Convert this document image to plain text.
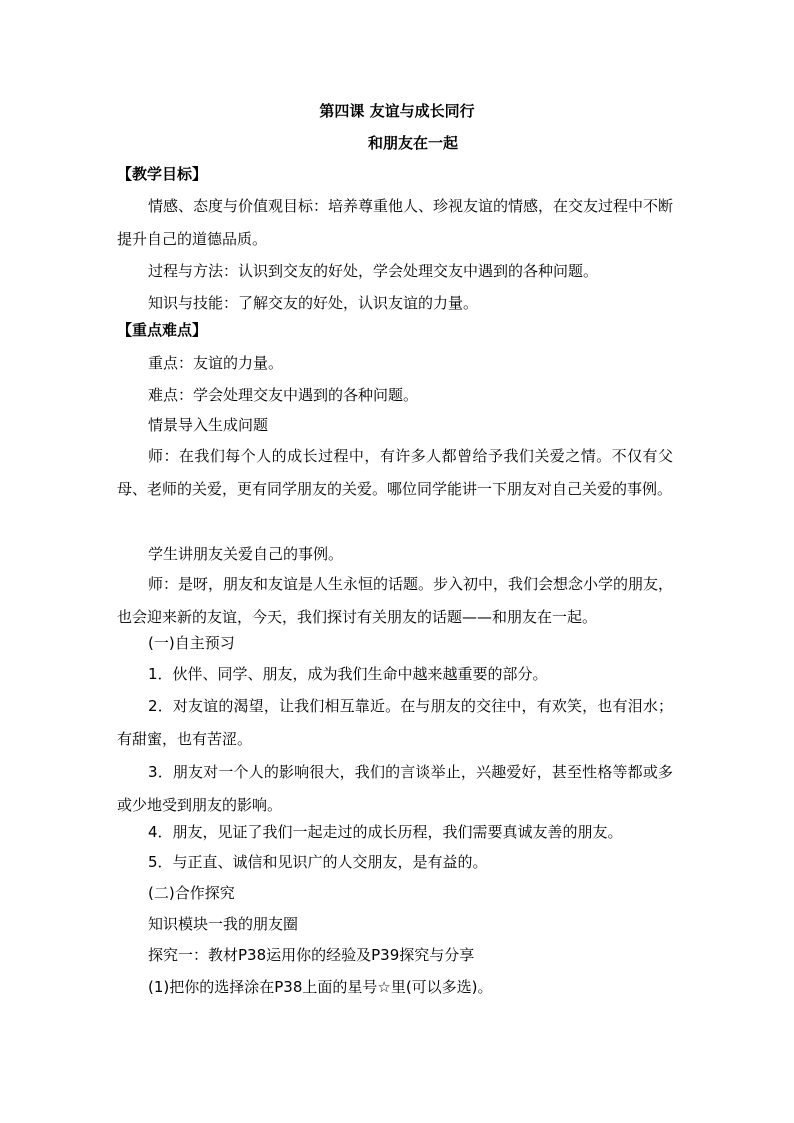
第四课 友谊与成长同行
和朋友在一起
【教学目标】
情感、态度与价值观目标：培养尊重他人、珍视友谊的情感，在交友过程中不断提升自己的道德品质。
过程与方法：认识到交友的好处，学会处理交友中遇到的各种问题。
知识与技能：了解交友的好处，认识友谊的力量。
【重点难点】
重点：友谊的力量。
难点：学会处理交友中遇到的各种问题。
情景导入生成问题
师：在我们每个人的成长过程中，有许多人都曾给予我们关爱之情。不仅有父母、老师的关爱，更有同学朋友的关爱。哪位同学能讲一下朋友对自己关爱的事例。
学生讲朋友关爱自己的事例。
师：是呀，朋友和友谊是人生永恒的话题。步入初中，我们会想念小学的朋友，也会迎来新的友谊，今天，我们探讨有关朋友的话题——和朋友在一起。
(一)自主预习
1．伙伴、同学、朋友，成为我们生命中越来越重要的部分。
2．对友谊的渴望，让我们相互靠近。在与朋友的交往中，有欢笑，也有泪水；有甜蜜，也有苦涩。
3．朋友对一个人的影响很大，我们的言谈举止，兴趣爱好，甚至性格等都或多或少地受到朋友的影响。
4．朋友，见证了我们一起走过的成长历程，我们需要真诚友善的朋友。
5．与正直、诚信和见识广的人交朋友，是有益的。
(二)合作探究
知识模块一我的朋友圈
探究一：教材P38运用你的经验及P39探究与分享
(1)把你的选择涂在P38上面的星号☆里(可以多选)。
